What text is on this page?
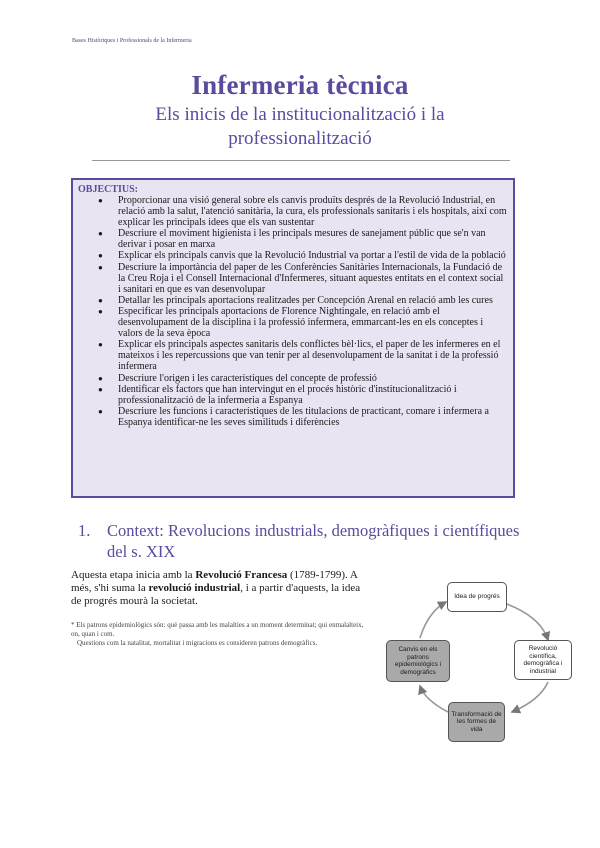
Bases Històriques i Professionals de la Infermeria
Infermeria tècnica
Els inicis de la institucionalització i la professionalització
OBJECTIUS:
● Proporcionar una visió general sobre els canvis produïts després de la Revolució Industrial, en relació amb la salut, l'atenció sanitària, la cura, els professionals sanitaris i els hospitals, així com explicar les principals idees que els van sustentar
● Descriure el moviment higienista i les principals mesures de sanejament públic que se'n van derivar i posar en marxa
● Explicar els principals canvis que la Revolució Industrial va portar a l'estil de vida de la població
● Descriure la importància del paper de les Conferències Sanitàries Internacionals, la Fundació de la Creu Roja i el Consell Internacional d'Infermeres, situant aquestes entitats en el context social i sanitari en que es van desenvolupar
● Detallar les principals aportacions realitzades per Concepción Arenal en relació amb les cures
● Especificar les principals aportacions de Florence Nightingale, en relació amb el desenvolupament de la disciplina i la professió infermera, emmarcant-les en els conceptes i valors de la seva època
● Explicar els principals aspectes sanitaris dels conflictes bèl·lics, el paper de les infermeres en el mateixos i les repercussions que van tenir per al desenvolupament de la sanitat i de la professió infermera
● Descriure l'origen i les característiques del concepte de professió
● Identificar els factors que han intervingut en el procés històric d'institucionalització i professionalització de la infermeria a Espanya
● Descriure les funcions i característiques de les titulacions de practicant, comare i infermera a Espanya identificar-ne les seves similituds i diferències
1. Context: Revolucions industrials, demogràfiques i científiques del s. XIX
Aquesta etapa inicia amb la Revolució Francesa (1789-1799). A més, s'hi suma la revolució industrial, i a partir d'aquests, la idea de progrés mourà la societat.

* Els patrons epidemiològics són: què passa amb les malalties a un moment determinat; qui enmalalteix, on, quan i com.

Questions com la natalitat, mortalitat i migracions es consideren patrons demogràfics.

Idea de progrés
Revolució científica, demogràfica i industrial
Transformació de les formes de vida
Canvis en els patrons epidemiològics i demogràfics
